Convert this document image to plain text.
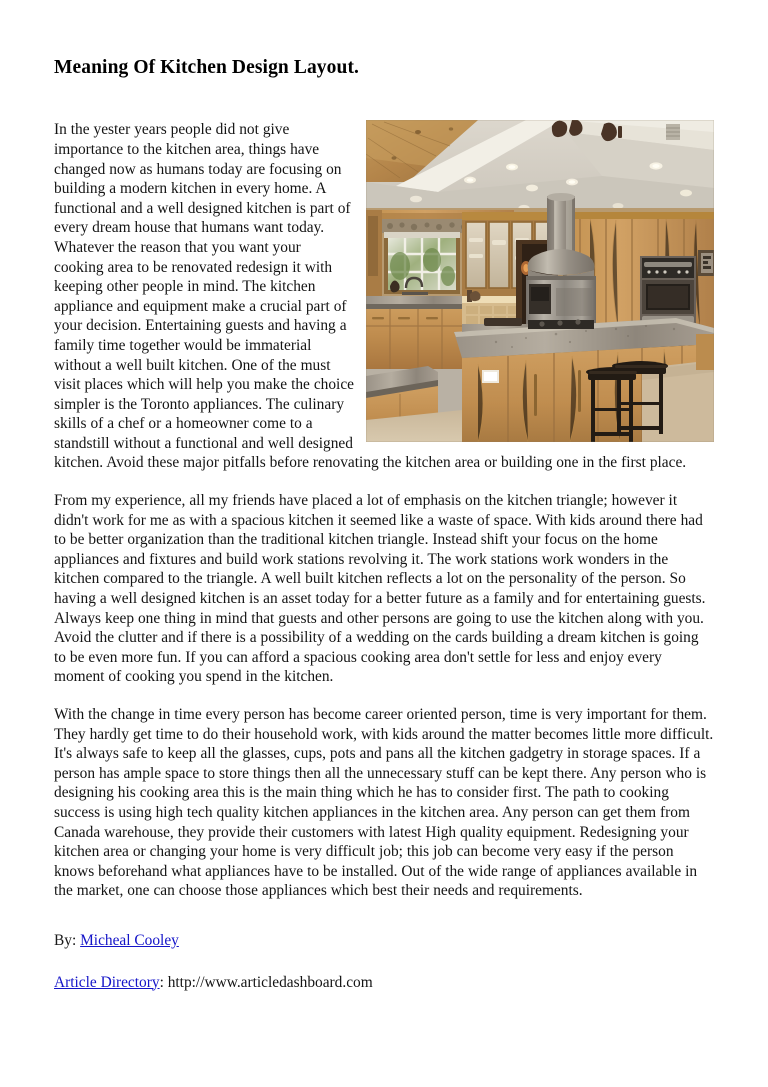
Meaning Of Kitchen Design Layout.

In the yester years people did not give importance to the kitchen area, things have changed now as humans today are focusing on building a modern kitchen in every home. A functional and a well designed kitchen is part of every dream house that humans want today. Whatever the reason that you want your cooking area to be renovated redesign it with keeping other people in mind. The kitchen appliance and equipment make a crucial part of your decision. Entertaining guests and having a family time together would be immaterial without a well built kitchen. One of the must visit places which will help you make the choice simpler is the Toronto appliances. The culinary skills of a chef or a homeowner come to a standstill without a functional and well designed kitchen. Avoid these major pitfalls before renovating the kitchen area or building one in the first place.

From my experience, all my friends have placed a lot of emphasis on the kitchen triangle; however it didn't work for me as with a spacious kitchen it seemed like a waste of space. With kids around there had to be better organization than the traditional kitchen triangle. Instead shift your focus on the home appliances and fixtures and build work stations revolving it. The work stations work wonders in the kitchen compared to the triangle. A well built kitchen reflects a lot on the personality of the person. So having a well designed kitchen is an asset today for a better future as a family and for entertaining guests. Always keep one thing in mind that guests and other persons are going to use the kitchen along with you. Avoid the clutter and if there is a possibility of a wedding on the cards building a dream kitchen is going to be even more fun. If you can afford a spacious cooking area don't settle for less and enjoy every moment of cooking you spend in the kitchen.

With the change in time every person has become career oriented person, time is very important for them. They hardly get time to do their household work, with kids around the matter becomes little more difficult. It's always safe to keep all the glasses, cups, pots and pans all the kitchen gadgetry in storage spaces. If a person has ample space to store things then all the unnecessary stuff can be kept there. Any person who is designing his cooking area this is the main thing which he has to consider first. The path to cooking success is using high tech quality kitchen appliances in the kitchen area. Any person can get them from Canada warehouse, they provide their customers with latest High quality equipment. Redesigning your kitchen area or changing your home is very difficult job; this job can become very easy if the person knows beforehand what appliances have to be installed. Out of the wide range of appliances available in the market, one can choose those appliances which best their needs and requirements.

By: Micheal Cooley

Article Directory: http://www.articledashboard.com
